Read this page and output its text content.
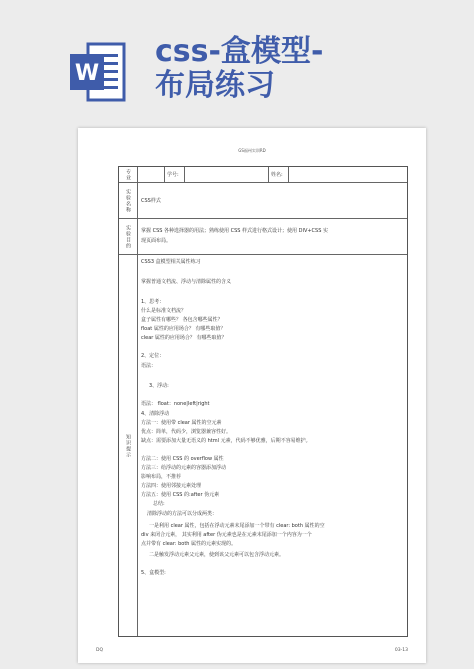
W
css-盒模型-
布局练习
GS福州实训RD
专业	学号:	姓名:
实验名称	CSS样式
实验目的	掌握 CSS 各种选择器的用法；熟练使用 CSS 样式进行格式设计；使用 DIV+CSS 实
现页面布局。
知识提示
CSS3 盒模型相关属性练习
掌握普通文档流、浮动与清除属性的含义
1、思考：
什么是标准文档流？
盒子属性有哪些？ 各包含哪些属性？
float 属性的应用场合？ 有哪些取值？
clear 属性的应用场合？ 有哪些取值？
2、定位：
语法：
3、浮动:
语法： float：none|left|right
4、清除浮动
方法一：使用带 clear 属性的空元素
优点：简单，代码少，浏览器兼容性好。
缺点：需要添加大量无语义的 html 元素，代码不够优雅，后期不容易维护。
方法二：使用 CSS 的 overflow 属性
方法三：给浮动的元素的容器添加浮动
影响布局，不推荐
方法四：使用邻接元素处理
方法五：使用 CSS 的:after 伪元素
总结:
清除浮动的方法可以分成两类：
一是利用 clear 属性，包括在浮动元素末尾添加一个带有 clear: both 属性的空
div 来闭合元素， 其实利用 after 伪元素也是在元素末尾添加一个内容为一个
点并带有 clear: both 属性的元素实现的。
二是触发浮动元素父元素，使到该父元素可以包含浮动元素。
5、盒模型:
DQ	03-13
